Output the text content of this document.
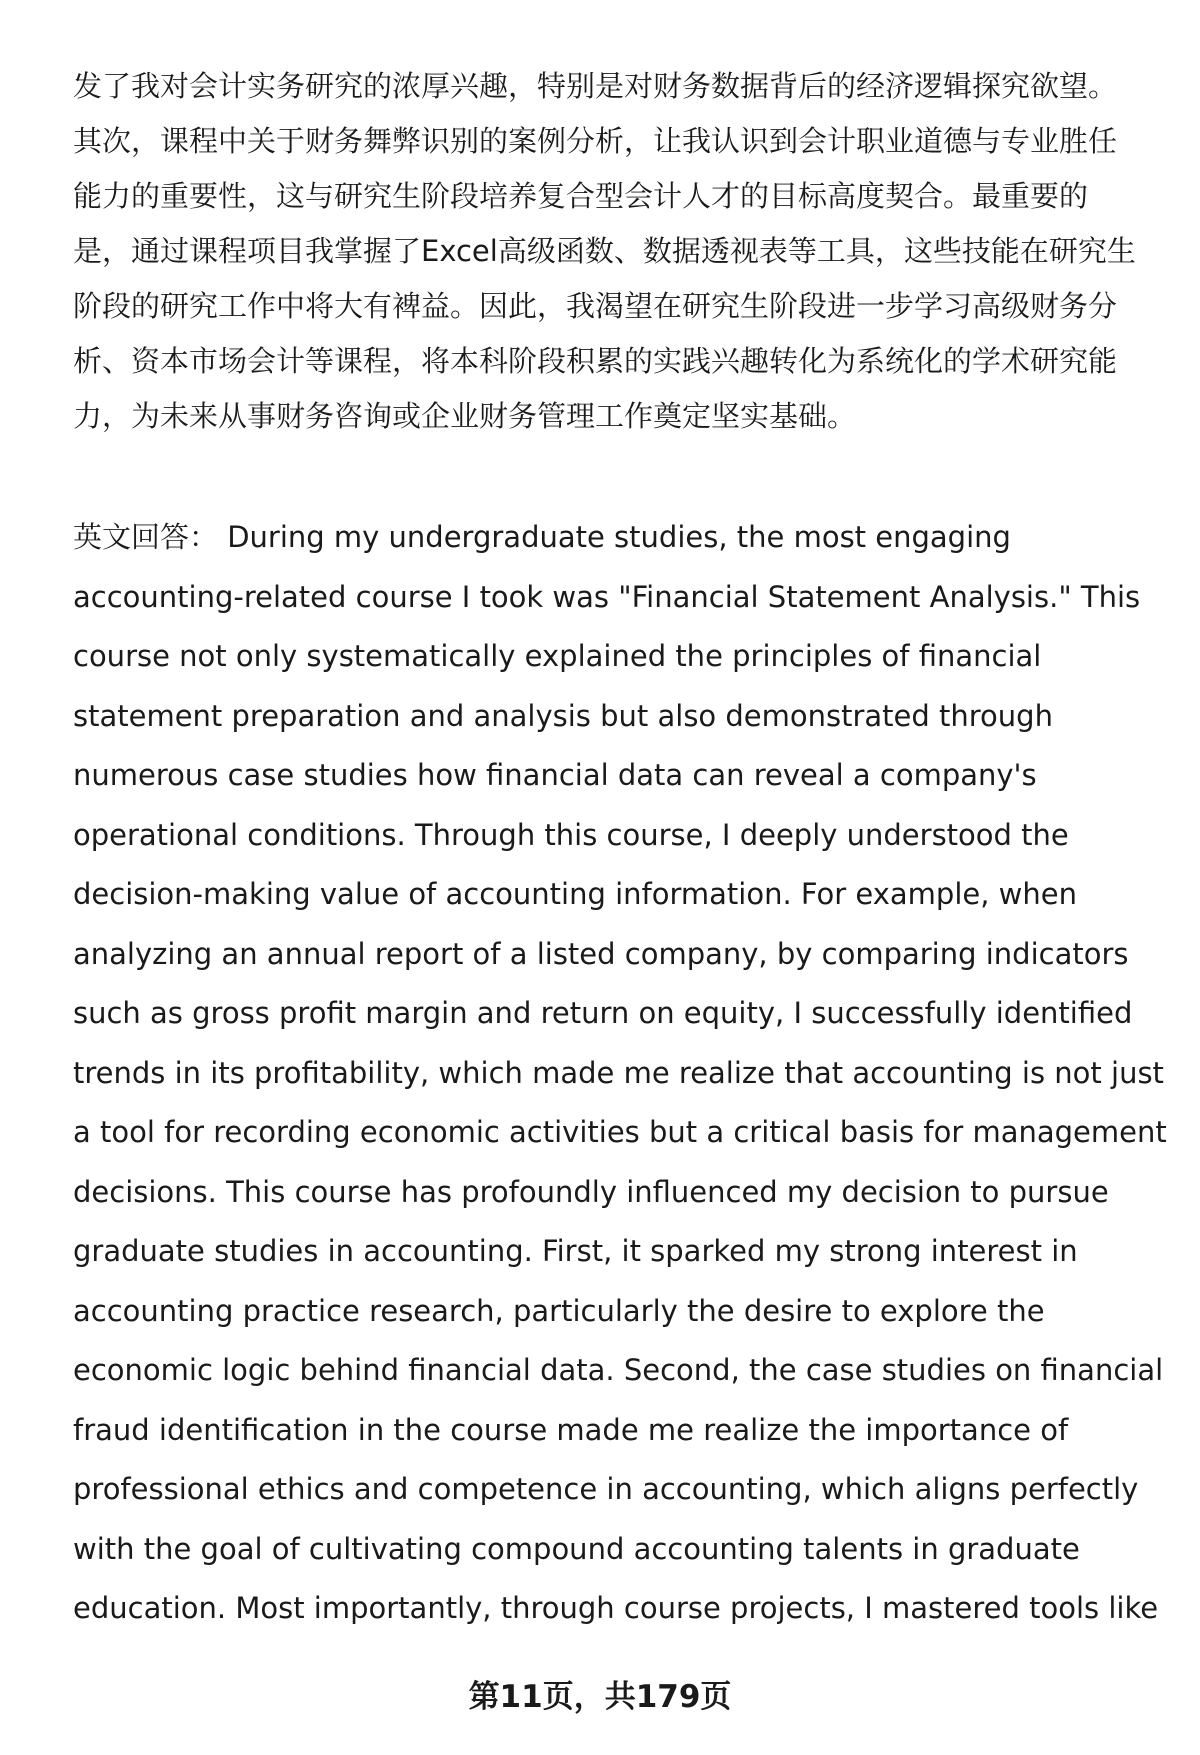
发了我对会计实务研究的浓厚兴趣，特别是对财务数据背后的经济逻辑探究欲望。
其次，课程中关于财务舞弊识别的案例分析，让我认识到会计职业道德与专业胜任
能力的重要性，这与研究生阶段培养复合型会计人才的目标高度契合。最重要的
是，通过课程项目我掌握了Excel高级函数、数据透视表等工具，这些技能在研究生
阶段的研究工作中将大有裨益。因此，我渴望在研究生阶段进一步学习高级财务分
析、资本市场会计等课程，将本科阶段积累的实践兴趣转化为系统化的学术研究能
力，为未来从事财务咨询或企业财务管理工作奠定坚实基础。
英文回答： During my undergraduate studies, the most engaging
accounting-related course I took was "Financial Statement Analysis." This
course not only systematically explained the principles of financial
statement preparation and analysis but also demonstrated through
numerous case studies how financial data can reveal a company's
operational conditions. Through this course, I deeply understood the
decision-making value of accounting information. For example, when
analyzing an annual report of a listed company, by comparing indicators
such as gross profit margin and return on equity, I successfully identified
trends in its profitability, which made me realize that accounting is not just
a tool for recording economic activities but a critical basis for management
decisions. This course has profoundly influenced my decision to pursue
graduate studies in accounting. First, it sparked my strong interest in
accounting practice research, particularly the desire to explore the
economic logic behind financial data. Second, the case studies on financial
fraud identification in the course made me realize the importance of
professional ethics and competence in accounting, which aligns perfectly
with the goal of cultivating compound accounting talents in graduate
education. Most importantly, through course projects, I mastered tools like
第11页，共179页
